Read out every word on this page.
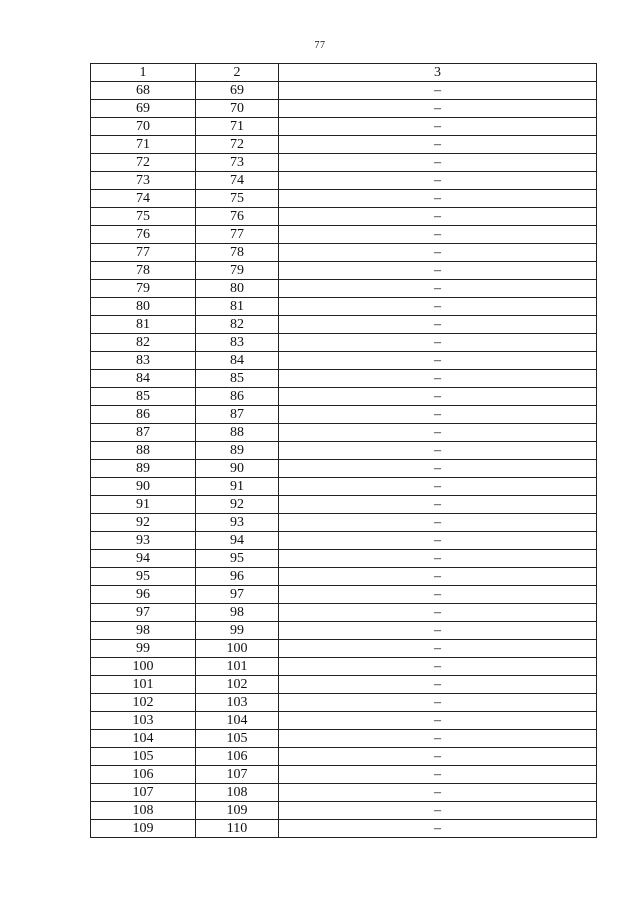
77
1	2	3
68	69	–
69	70	–
70	71	–
71	72	–
72	73	–
73	74	–
74	75	–
75	76	–
76	77	–
77	78	–
78	79	–
79	80	–
80	81	–
81	82	–
82	83	–
83	84	–
84	85	–
85	86	–
86	87	–
87	88	–
88	89	–
89	90	–
90	91	–
91	92	–
92	93	–
93	94	–
94	95	–
95	96	–
96	97	–
97	98	–
98	99	–
99	100	–
100	101	–
101	102	–
102	103	–
103	104	–
104	105	–
105	106	–
106	107	–
107	108	–
108	109	–
109	110	–
